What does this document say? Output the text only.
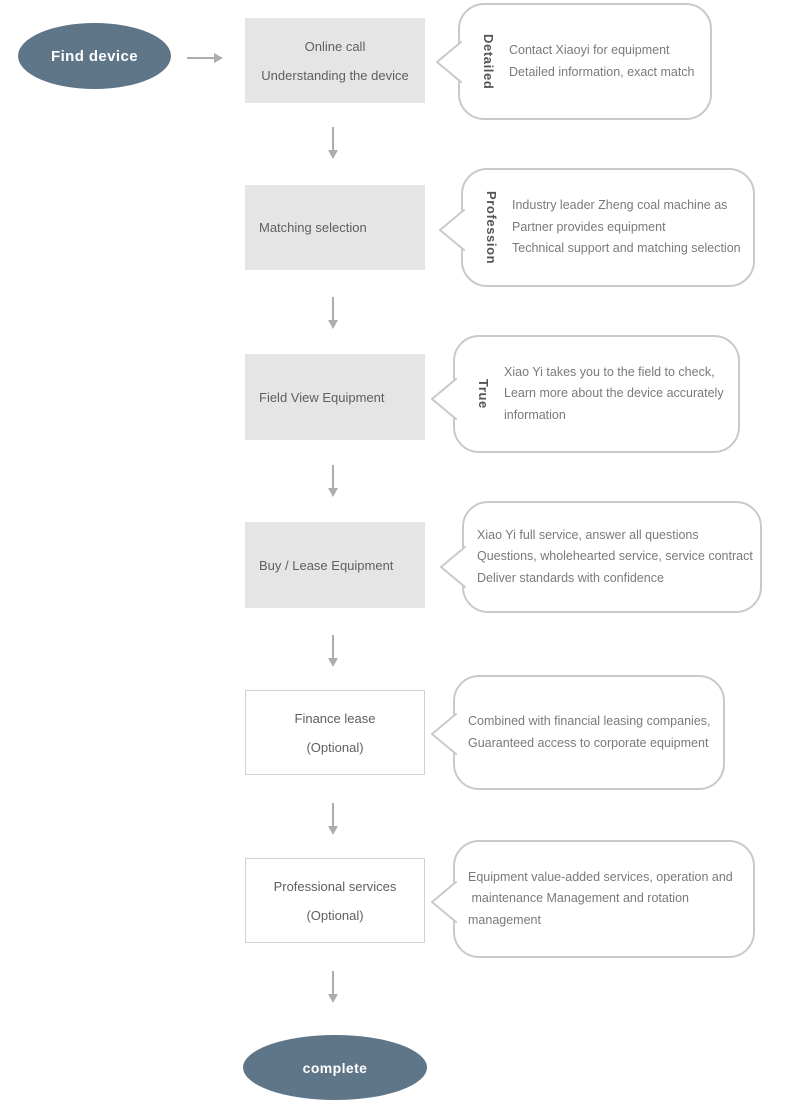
Find device
Online call
Understanding the device	Detailed Contact Xiaoyi for equipment
Detailed information, exact match
Matching selection	Profession Industry leader Zheng coal machine as
Partner provides equipment
Technical support and matching selection
Field View Equipment	True
Xiao Yi takes you to the field to check,
Learn more about the device accurately
information
Buy / Lease Equipment
Xiao Yi full service, answer all questions
Questions, wholehearted service, service contract
Deliver standards with confidence
Finance lease
(Optional)
Combined with financial leasing companies,
Guaranteed access to corporate equipment
Professional services
(Optional)
Equipment value-added services, operation and
maintenance Management and rotation
management
complete
